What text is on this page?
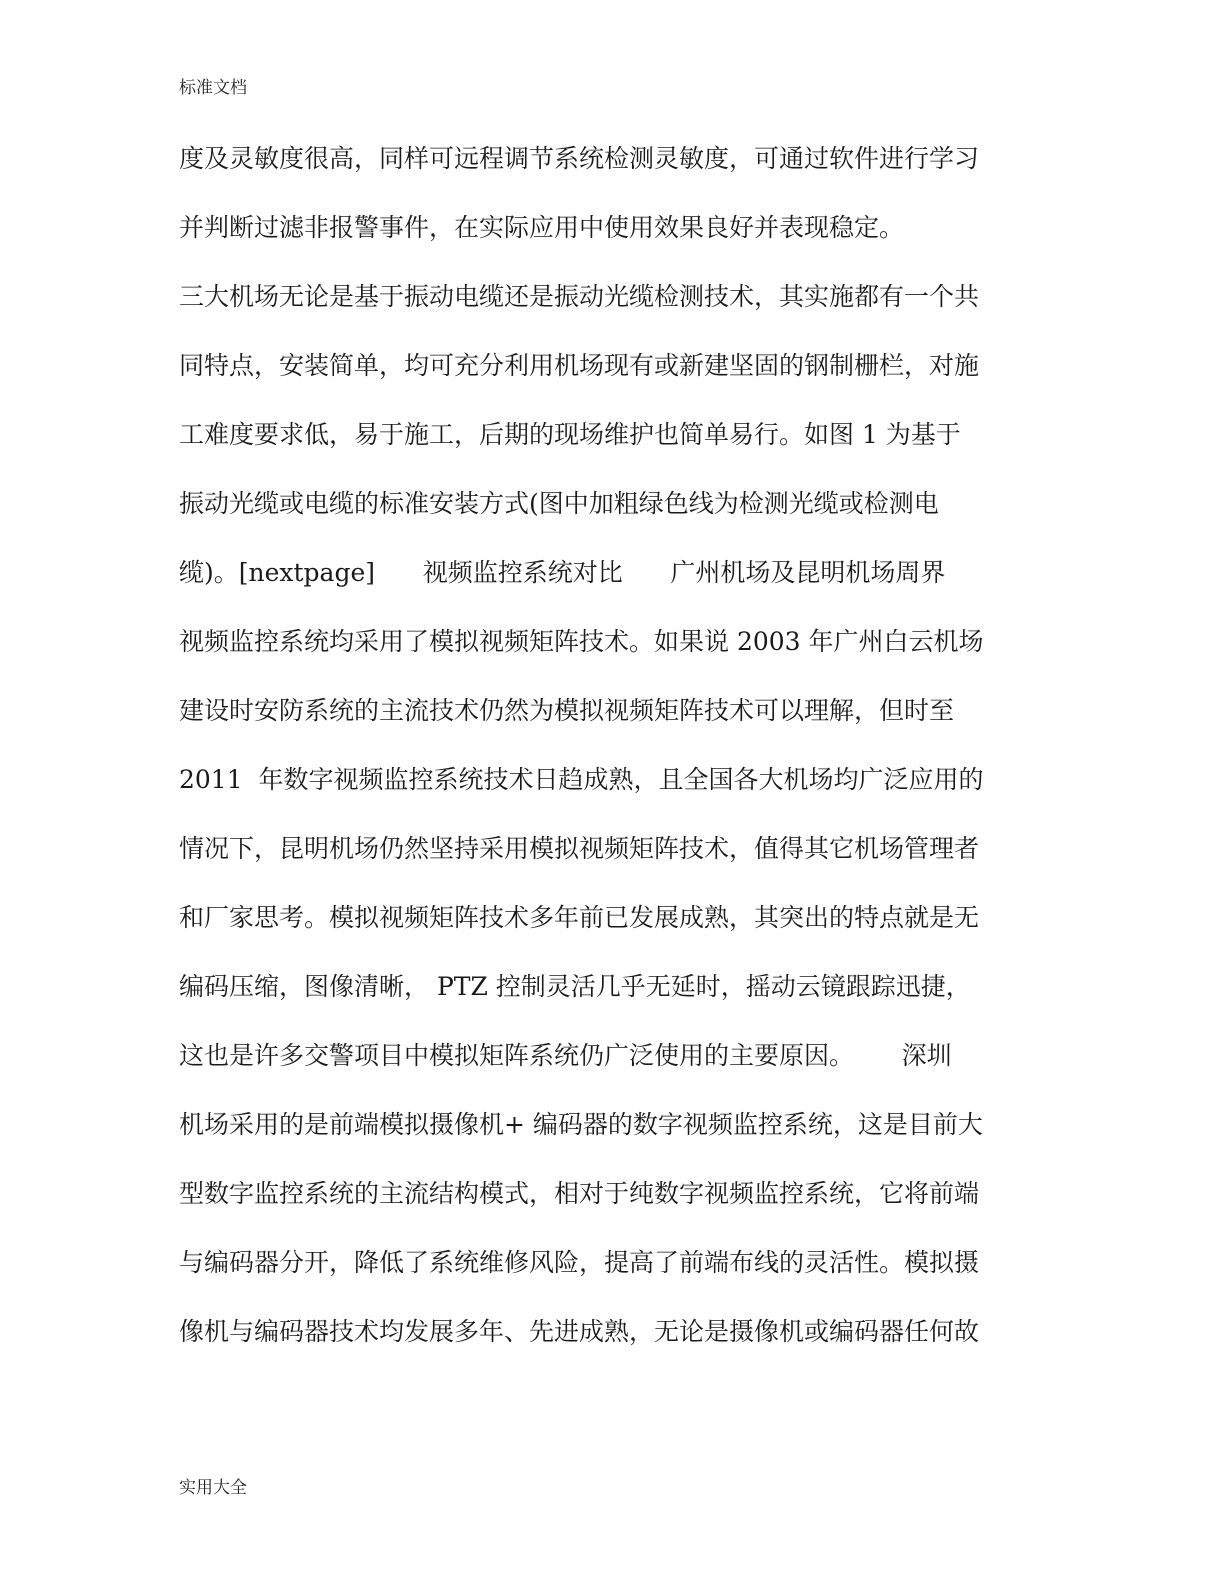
标准文档
度及灵敏度很高，同样可远程调节系统检测灵敏度，可通过软件进行学习
并判断过滤非报警事件，在实际应用中使用效果良好并表现稳定。
三大机场无论是基于振动电缆还是振动光缆检测技术，其实施都有一个共
同特点，安装简单，均可充分利用机场现有或新建坚固的钢制栅栏，对施
工难度要求低，易于施工，后期的现场维护也简单易行。如图 1 为基于
振动光缆或电缆的标准安装方式(图中加粗绿色线为检测光缆或检测电
缆)。[nextpage]      视频监控系统对比      广州机场及昆明机场周界
视频监控系统均采用了模拟视频矩阵技术。如果说 2003 年广州白云机场
建设时安防系统的主流技术仍然为模拟视频矩阵技术可以理解，但时至
2011  年数字视频监控系统技术日趋成熟，且全国各大机场均广泛应用的
情况下，昆明机场仍然坚持采用模拟视频矩阵技术，值得其它机场管理者
和厂家思考。模拟视频矩阵技术多年前已发展成熟，其突出的特点就是无
编码压缩，图像清晰， PTZ 控制灵活几乎无延时，摇动云镜跟踪迅捷，
这也是许多交警项目中模拟矩阵系统仍广泛使用的主要原因。      深圳
机场采用的是前端模拟摄像机+ 编码器的数字视频监控系统，这是目前大
型数字监控系统的主流结构模式，相对于纯数字视频监控系统，它将前端
与编码器分开，降低了系统维修风险，提高了前端布线的灵活性。模拟摄
像机与编码器技术均发展多年、先进成熟，无论是摄像机或编码器任何故
实用大全
